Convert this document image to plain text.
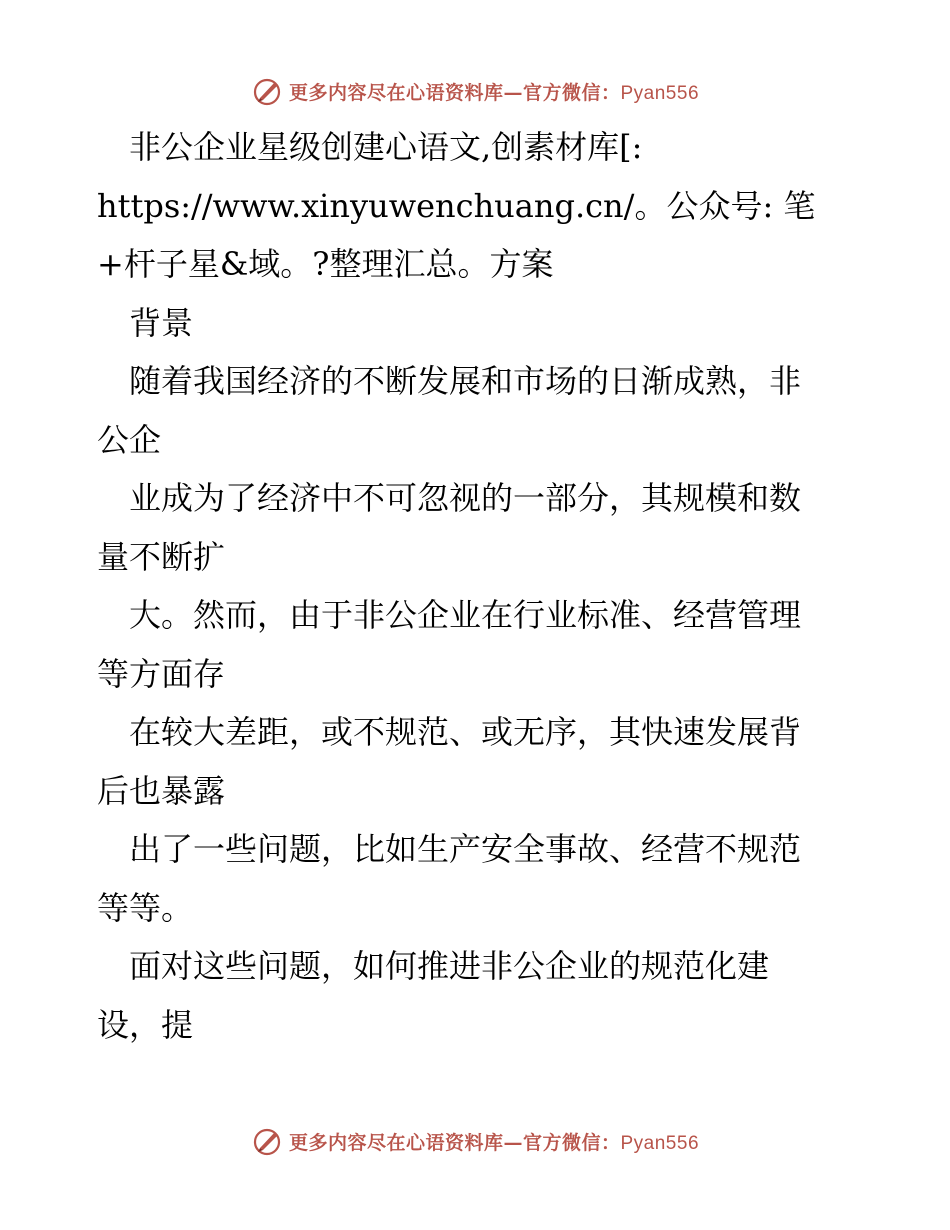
更多内容尽在心语资料库—官方微信：Pyan556

　非公企业星级创建心语文,创素材库[:

https://www.xinyuwenchuang.cn/。公众号: 笔

+杆子星&域。?整理汇总。方案

　背景

　随着我国经济的不断发展和市场的日渐成熟，非

公企

　业成为了经济中不可忽视的一部分，其规模和数

量不断扩

　大。然而，由于非公企业在行业标准、经营管理

等方面存

　在较大差距，或不规范、或无序，其快速发展背

后也暴露

　出了一些问题，比如生产安全事故、经营不规范

等等。

　面对这些问题，如何推进非公企业的规范化建

设，提

更多内容尽在心语资料库—官方微信：Pyan556
